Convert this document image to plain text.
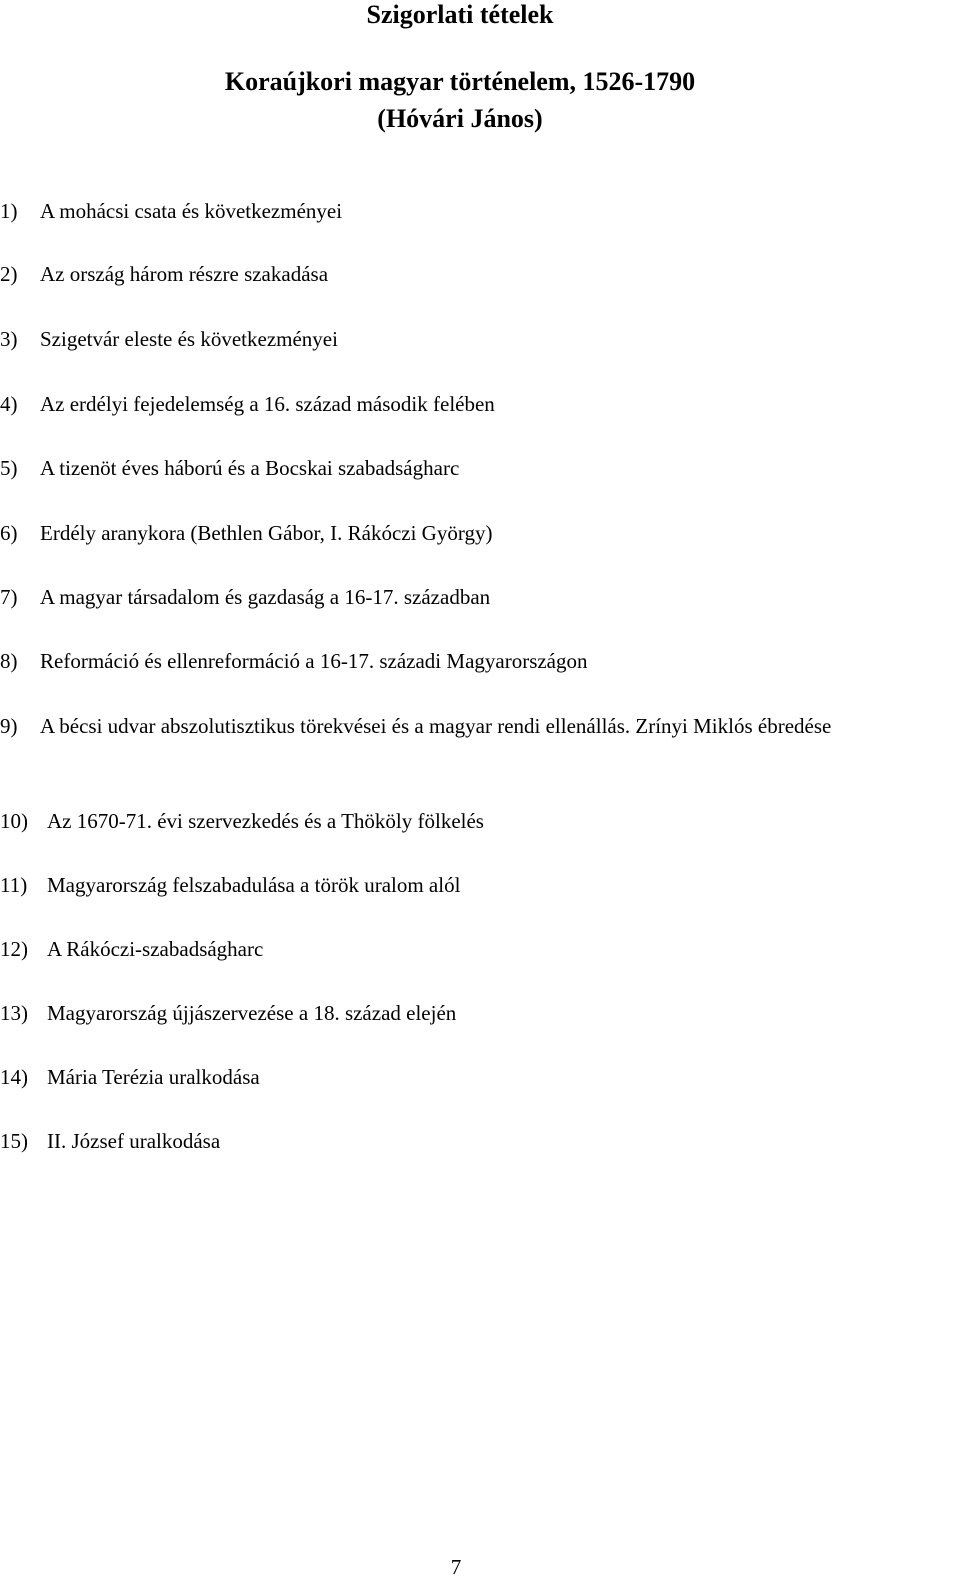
Szigorlati tételek
Koraújkori magyar történelem, 1526-1790
(Hóvári János)

1)	A mohácsi csata és következményei

2)	Az ország három részre szakadása

3)	Szigetvár eleste és következményei

4)	Az erdélyi fejedelemség a 16. század második felében

5)	A tizenöt éves háború és a Bocskai szabadságharc

6)	Erdély aranykora (Bethlen Gábor, I. Rákóczi György)

7)	A magyar társadalom és gazdaság a 16-17. században

8)	Reformáció és ellenreformáció a 16-17. századi Magyarországon

9)	A bécsi udvar abszolutisztikus törekvései és a magyar rendi ellenállás. Zrínyi Miklós ébredése

10) Az 1670-71. évi szervezkedés és a Thököly fölkelés

11) Magyarország felszabadulása a török uralom alól

12) A Rákóczi-szabadságharc

13) Magyarország újjászervezése a 18. század elején

14) Mária Terézia uralkodása

15) II. József uralkodása

7
